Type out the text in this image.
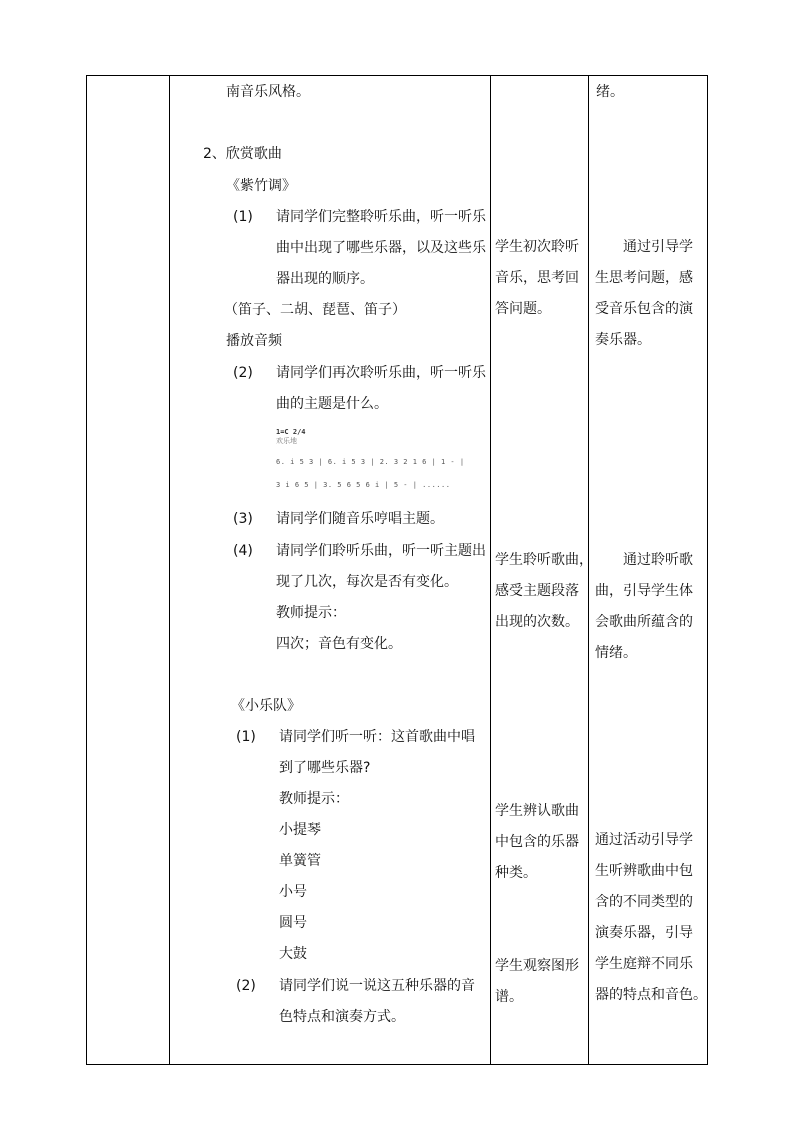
南音乐风格。
2、欣赏歌曲
《紫竹调》
(1) 请同学们完整聆听乐曲，听一听乐
曲中出现了哪些乐器，以及这些乐
器出现的顺序。
（笛子、二胡、琵琶、笛子）
播放音频
(2) 请同学们再次聆听乐曲，听一听乐
曲的主题是什么。
1=C 2/4
欢乐地
6. i 5 3 | 6. i 5 3 | 2. 3 2 1 6 | 1 - |
3 i 6 5 | 3. 5 6 5 6 i | 5 - | ......
(3) 请同学们随音乐哼唱主题。
(4) 请同学们聆听乐曲，听一听主题出
现了几次，每次是否有变化。
教师提示：
四次；音色有变化。
《小乐队》
(1) 请同学们听一听：这首歌曲中唱
到了哪些乐器?
教师提示：
小提琴
单簧管
小号
圆号
大鼓
(2) 请同学们说一说这五种乐器的音
色特点和演奏方式。
学生初次聆听
音乐，思考回
答问题。
学生聆听歌曲，
感受主题段落
出现的次数。
学生辨认歌曲
中包含的乐器
种类。
学生观察图形
谱。
绪。
　　通过引导学
生思考问题，感
受音乐包含的演
奏乐器。
　　通过聆听歌
曲，引导学生体
会歌曲所蕴含的
情绪。
通过活动引导学
生听辨歌曲中包
含的不同类型的
演奏乐器，引导
学生庭辩不同乐
器的特点和音色。
